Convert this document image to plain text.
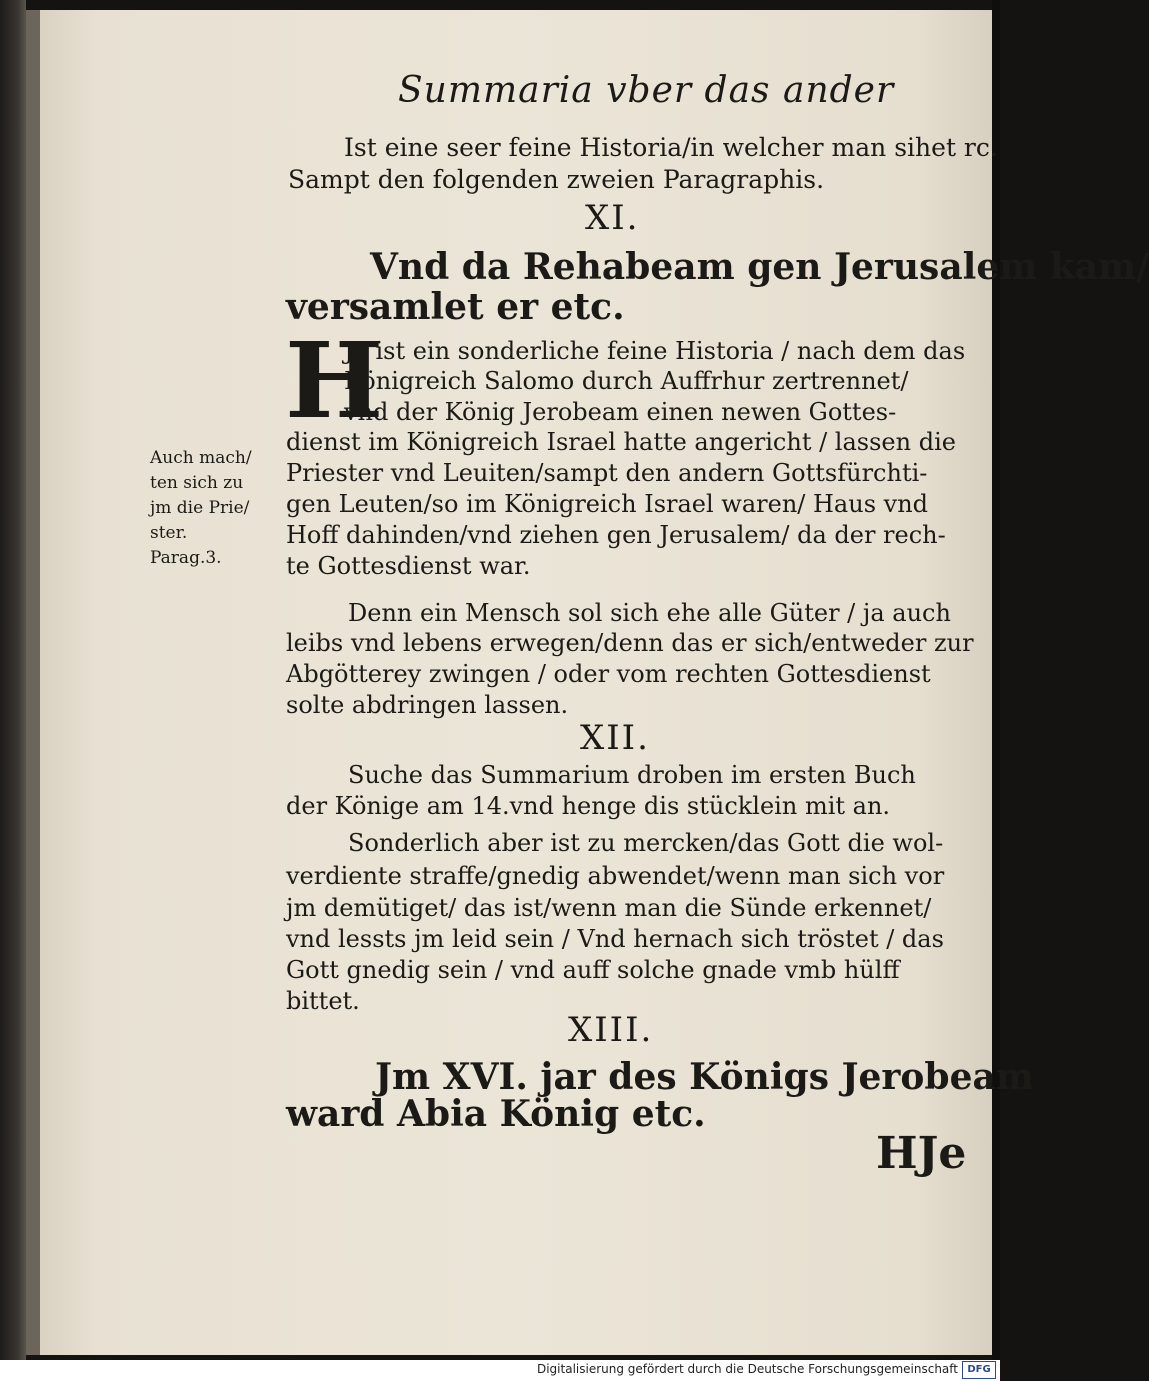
Summaria vber das ander
Ist eine seer feine Historia/in welcher man sihet rc.
Sampt den folgenden zweien Paragraphis.
XI.
Vnd da Rehabeam gen Jerusalem kam/
versamlet er etc.
H
Je ist ein sonderliche feine Historia / nach dem das
Königreich Salomo durch Auffrhur zertrennet/
vnd der König Jerobeam einen newen Gottes-
dienst im Königreich Israel hatte angericht / lassen die
Priester vnd Leuiten/sampt den andern Gottsfürchti-
gen Leuten/so im Königreich Israel waren/ Haus vnd
Hoff dahinden/vnd ziehen gen Jerusalem/ da der rech-
te Gottesdienst war.
Auch mach/
ten sich zu
jm die Prie/
ster.
Parag.3.
Denn ein Mensch sol sich ehe alle Güter / ja auch
leibs vnd lebens erwegen/denn das er sich/entweder zur
Abgötterey zwingen / oder vom rechten Gottesdienst
solte abdringen lassen.
XII.
Suche das Summarium droben im ersten Buch
der Könige am 14.vnd henge dis stücklein mit an.
Sonderlich aber ist zu mercken/das Gott die wol-
verdiente straffe/gnedig abwendet/wenn man sich vor
jm demütiget/ das ist/wenn man die Sünde erkennet/
vnd lessts jm leid sein / Vnd hernach sich tröstet / das
Gott gnedig sein / vnd auff solche gnade vmb hülff
bittet.
XIII.
Jm XVI. jar des Königs Jerobeam
ward Abia König etc.
HJe
Digitalisierung gefördert durch die Deutsche Forschungsgemeinschaft DFG
